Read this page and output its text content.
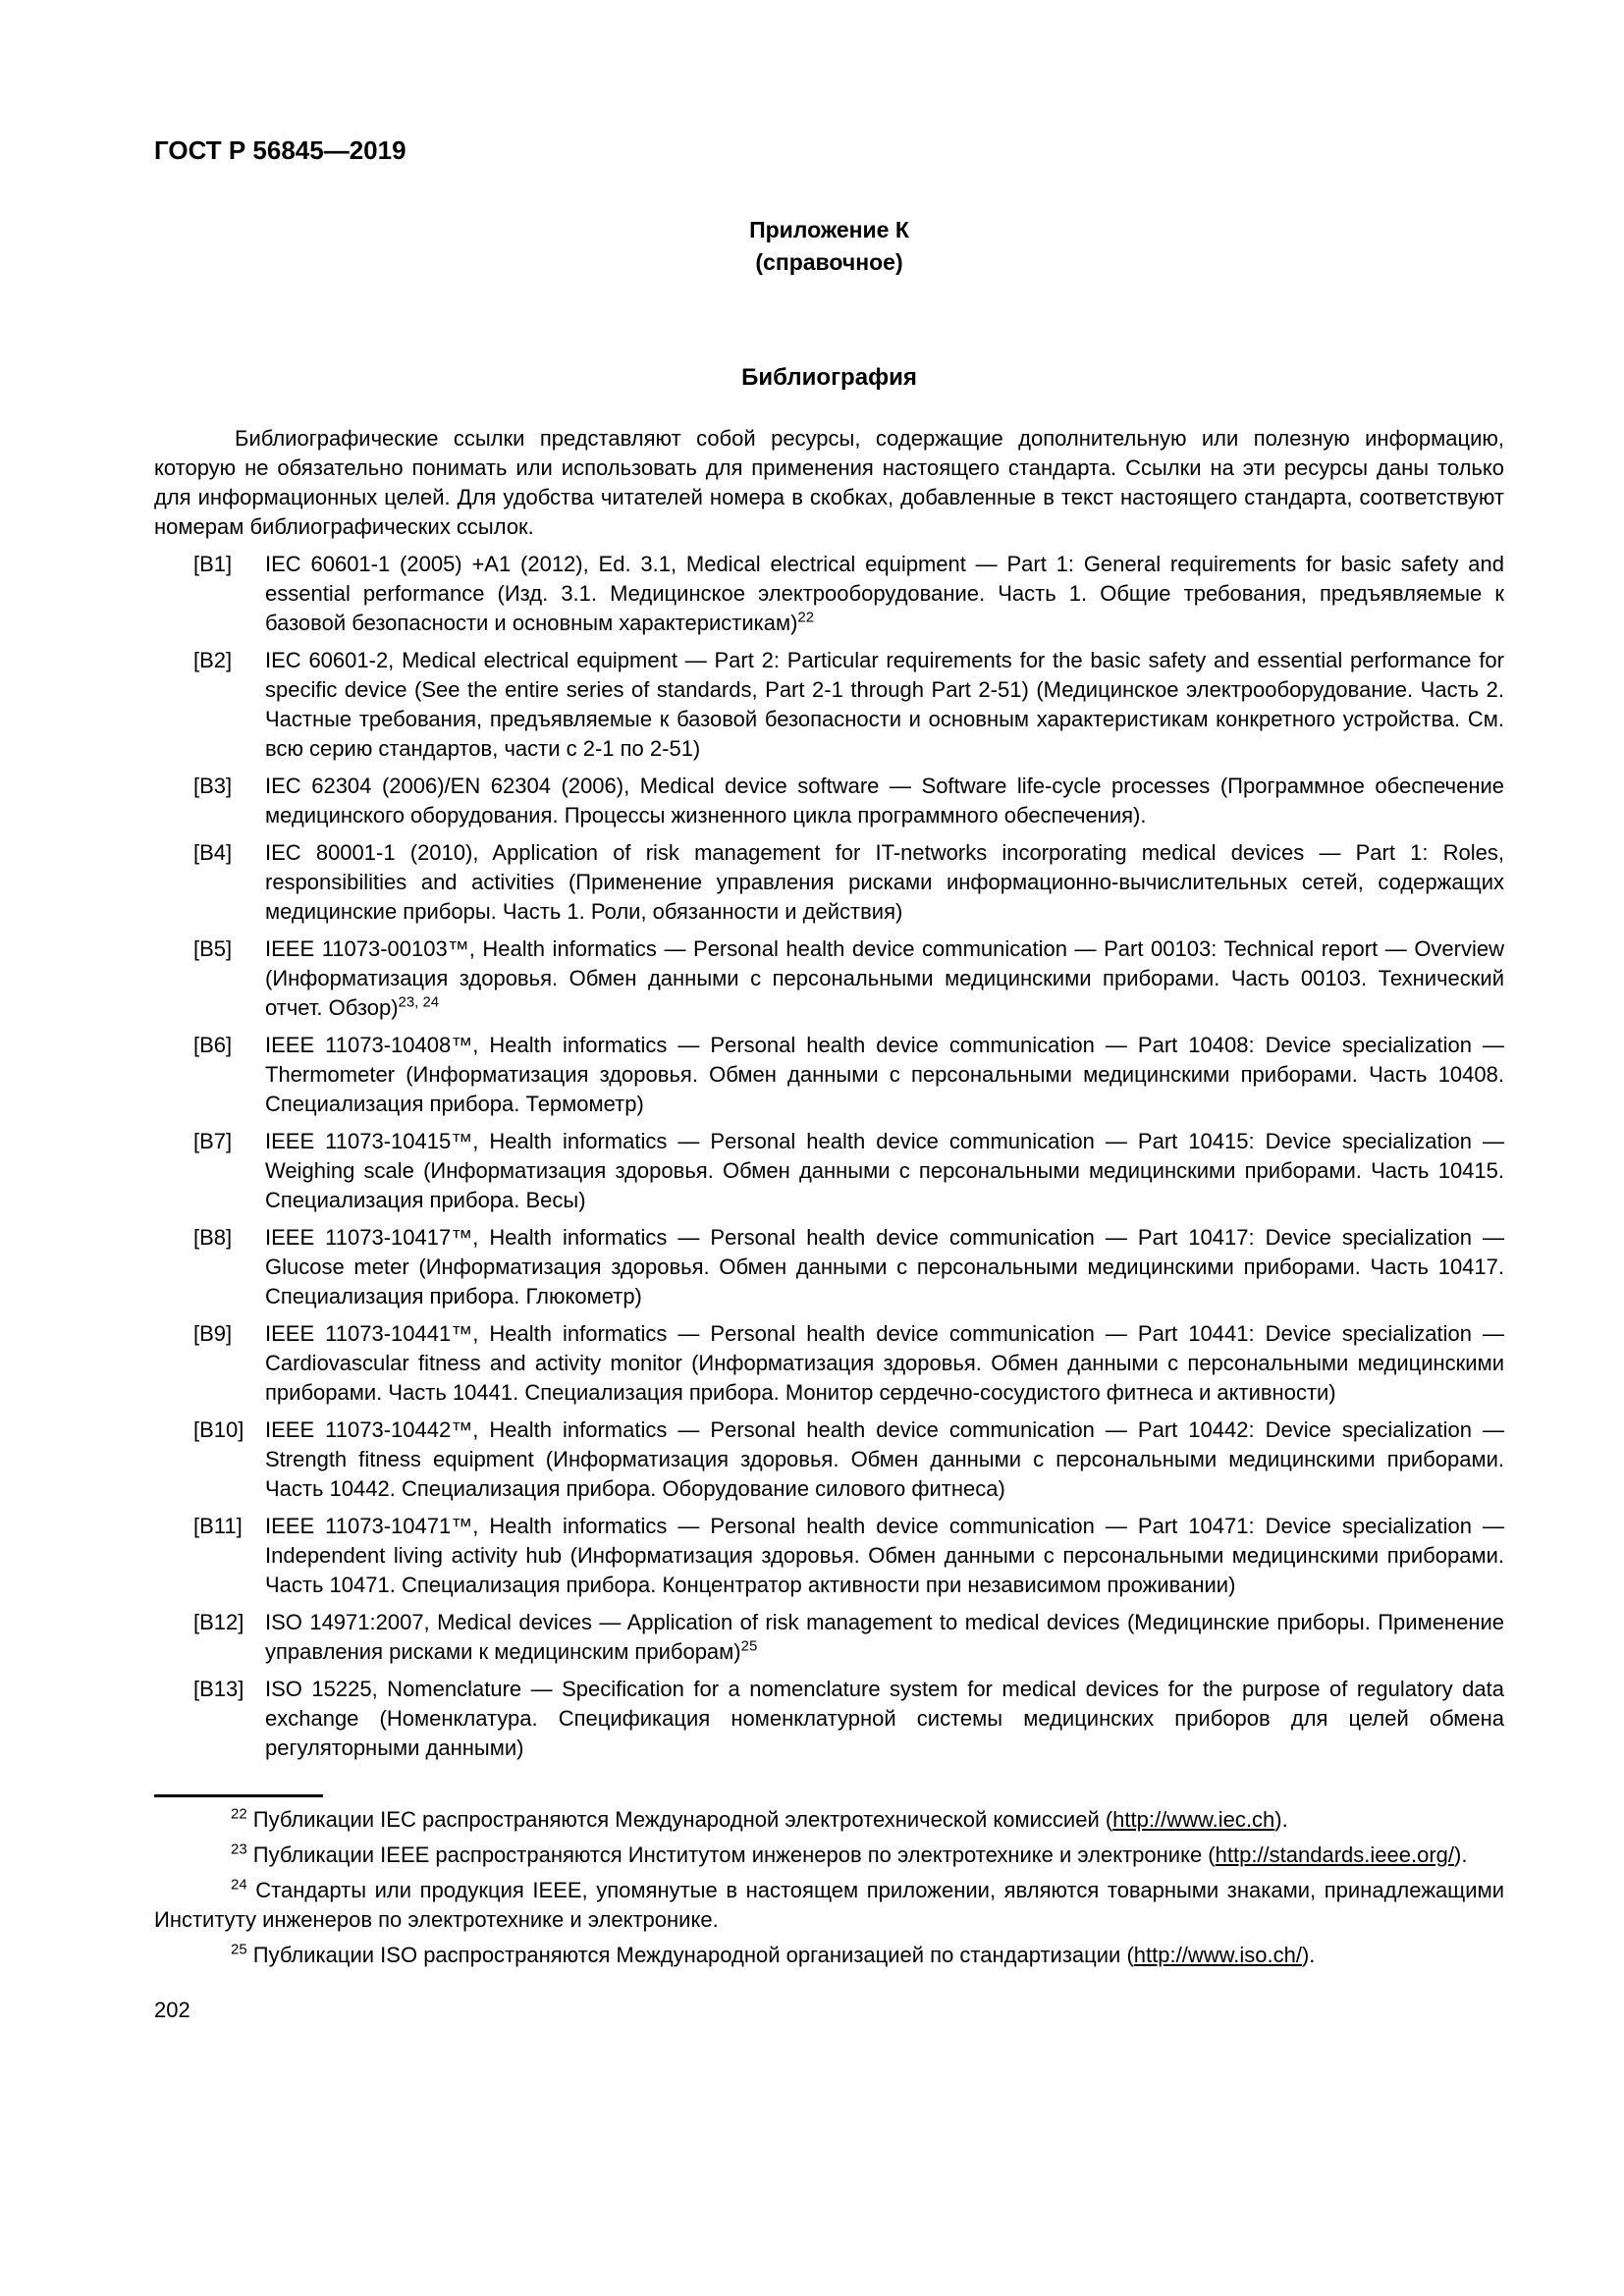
ГОСТ Р 56845—2019
Приложение К
(справочное)
Библиография

Библиографические ссылки представляют собой ресурсы, содержащие дополнительную или полезную информацию, которую не обязательно понимать или использовать для применения настоящего стандарта. Ссылки на эти ресурсы даны только для информационных целей. Для удобства читателей номера в скобках, добавленные в текст настоящего стандарта, соответствуют номерам библиографических ссылок.

[B1] IEC 60601-1 (2005) +A1 (2012), Ed. 3.1, Medical electrical equipment — Part 1: General requirements for basic safety and essential performance (Изд. 3.1. Медицинское электрооборудование. Часть 1. Общие требования, предъявляемые к базовой безопасности и основным характеристикам)$^{22}$
[B2] IEC 60601-2, Medical electrical equipment — Part 2: Particular requirements for the basic safety and essential performance for specific device (See the entire series of standards, Part 2-1 through Part 2-51) (Медицинское электрооборудование. Часть 2. Частные требования, предъявляемые к базовой безопасности и основным характеристикам конкретного устройства. См. всю серию стандартов, части с 2-1 по 2-51)
[B3] IEC 62304 (2006)/EN 62304 (2006), Medical device software — Software life-cycle processes (Программное обеспечение медицинского оборудования. Процессы жизненного цикла программного обеспечения).
[B4] IEC 80001-1 (2010), Application of risk management for IT-networks incorporating medical devices — Part 1: Roles, responsibilities and activities (Применение управления рисками информационно-вычислительных сетей, содержащих медицинские приборы. Часть 1. Роли, обязанности и действия)
[B5] IEEE 11073-00103™, Health informatics — Personal health device communication — Part 00103: Technical report — Overview (Информатизация здоровья. Обмен данными с персональными медицинскими приборами. Часть 00103. Технический отчет. Обзор)$^{23, 24}$
[B6] IEEE 11073-10408™, Health informatics — Personal health device communication — Part 10408: Device specialization — Thermometer (Информатизация здоровья. Обмен данными с персональными медицинскими приборами. Часть 10408. Специализация прибора. Термометр)
[B7] IEEE 11073-10415™, Health informatics — Personal health device communication — Part 10415: Device specialization — Weighing scale (Информатизация здоровья. Обмен данными с персональными медицинскими приборами. Часть 10415. Специализация прибора. Весы)
[B8] IEEE 11073-10417™, Health informatics — Personal health device communication — Part 10417: Device specialization — Glucose meter (Информатизация здоровья. Обмен данными с персональными медицинскими приборами. Часть 10417. Специализация прибора. Глюкометр)
[B9] IEEE 11073-10441™, Health informatics — Personal health device communication — Part 10441: Device specialization — Cardiovascular fitness and activity monitor (Информатизация здоровья. Обмен данными с персональными медицинскими приборами. Часть 10441. Специализация прибора. Монитор сердечно-сосудистого фитнеса и активности)
[B10] IEEE 11073-10442™, Health informatics — Personal health device communication — Part 10442: Device specialization — Strength fitness equipment (Информатизация здоровья. Обмен данными с персональными медицинскими приборами. Часть 10442. Специализация прибора. Оборудование силового фитнеса)
[B11] IEEE 11073-10471™, Health informatics — Personal health device communication — Part 10471: Device specialization — Independent living activity hub (Информатизация здоровья. Обмен данными с персональными медицинскими приборами. Часть 10471. Специализация прибора. Концентратор активности при независимом проживании)
[B12] ISO 14971:2007, Medical devices — Application of risk management to medical devices (Медицинские приборы. Применение управления рисками к медицинским приборам)$^{25}$
[B13] ISO 15225, Nomenclature — Specification for a nomenclature system for medical devices for the purpose of regulatory data exchange (Номенклатура. Спецификация номенклатурной системы медицинских приборов для целей обмена регуляторными данными)

$^{22}$ Публикации IEC распространяются Международной электротехнической комиссией (http://www.iec.ch).

$^{23}$ Публикации IEEE распространяются Институтом инженеров по электротехнике и электронике (http://standards.ieee.org/).

$^{24}$ Стандарты или продукция IEEE, упомянутые в настоящем приложении, являются товарными знаками, принадлежащими Институту инженеров по электротехнике и электронике.

$^{25}$ Публикации ISO распространяются Международной организацией по стандартизации (http://www.iso.ch/).

202
